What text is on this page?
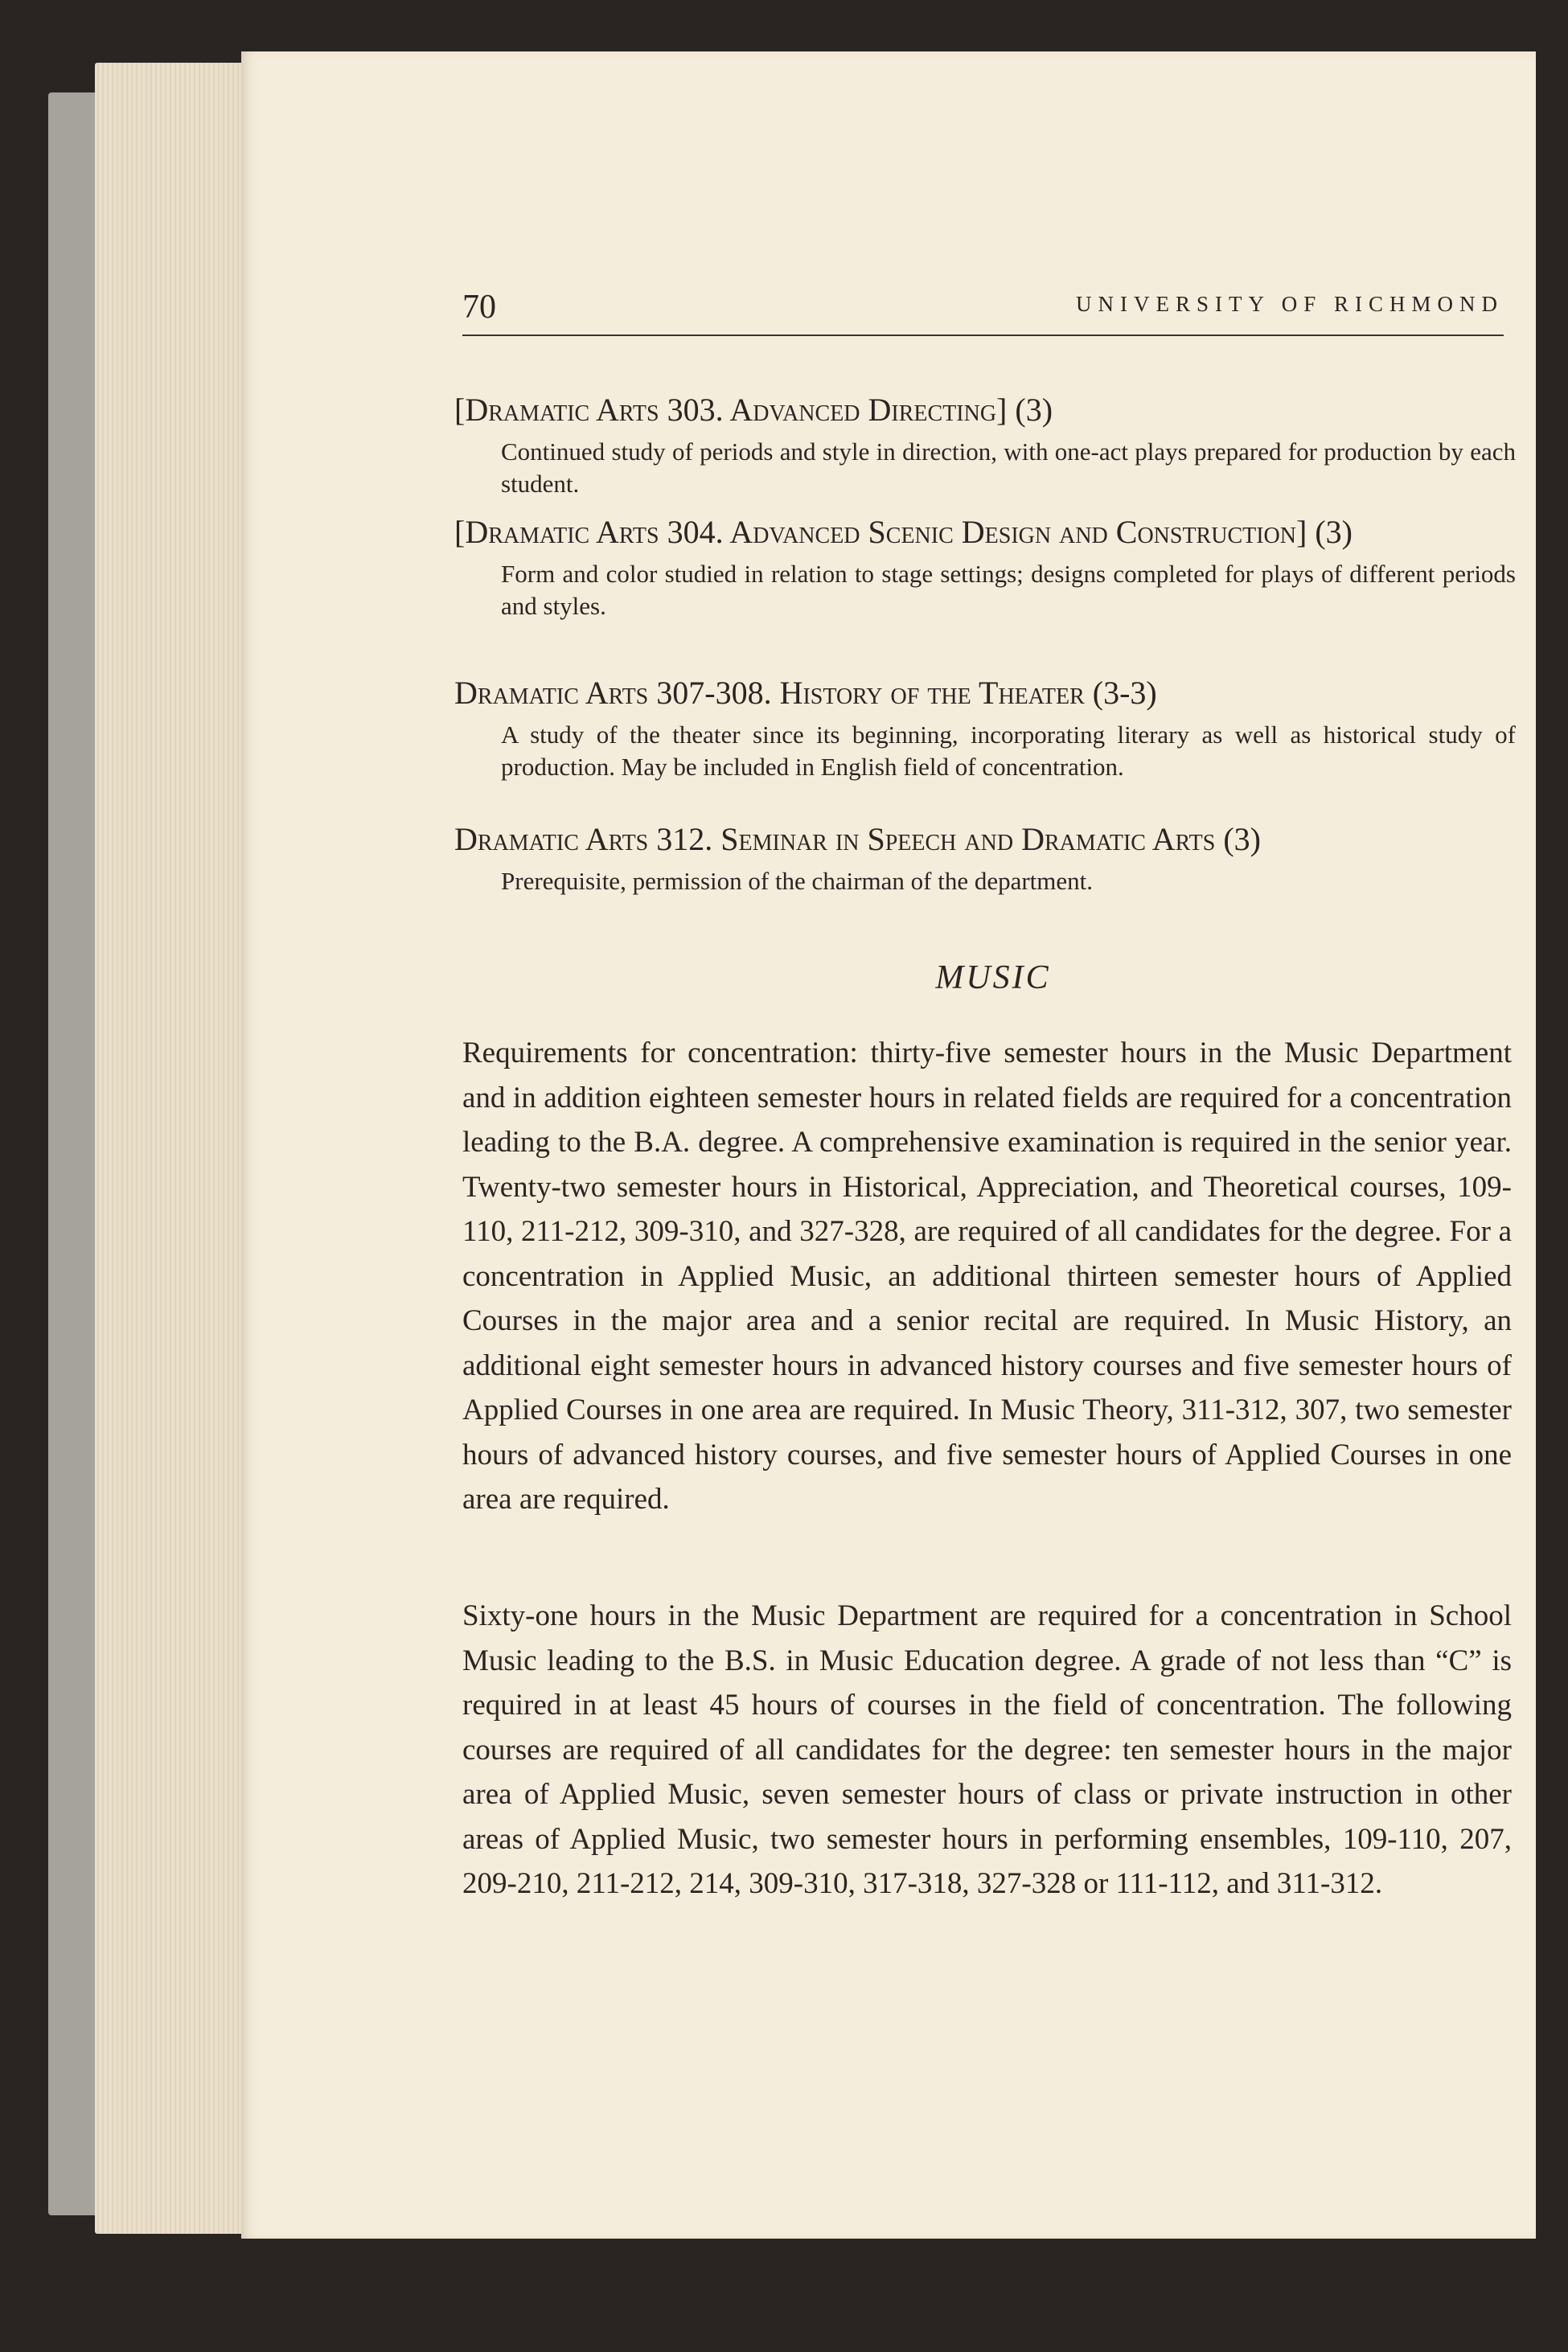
70	UNIVERSITY OF RICHMOND

[Dramatic Arts 303. Advanced Directing] (3)

Continued study of periods and style in direction, with one-act plays prepared for production by each student.

[Dramatic Arts 304. Advanced Scenic Design and Construction] (3)

Form and color studied in relation to stage settings; designs completed for plays of different periods and styles.

Dramatic Arts 307-308. History of the Theater (3-3)

A study of the theater since its beginning, incorporating literary as well as historical study of production. May be included in English field of concentration.

Dramatic Arts 312. Seminar in Speech and Dramatic Arts (3)

Prerequisite, permission of the chairman of the department.

MUSIC

Requirements for concentration: thirty-five semester hours in the Music Department and in addition eighteen semester hours in related fields are required for a concentration leading to the B.A. degree. A comprehensive examination is required in the senior year. Twenty-two semester hours in Historical, Appreciation, and Theoretical courses, 109-110, 211-212, 309-310, and 327-328, are required of all candidates for the degree. For a concentration in Applied Music, an additional thirteen semester hours of Applied Courses in the major area and a senior recital are required. In Music History, an additional eight semester hours in advanced history courses and five semester hours of Applied Courses in one area are required. In Music Theory, 311-312, 307, two semester hours of advanced history courses, and five semester hours of Applied Courses in one area are required.

Sixty-one hours in the Music Department are required for a concentration in School Music leading to the B.S. in Music Education degree. A grade of not less than “C” is required in at least 45 hours of courses in the field of concentration. The following courses are required of all candidates for the degree: ten semester hours in the major area of Applied Music, seven semester hours of class or private instruction in other areas of Applied Music, two semester hours in performing ensembles, 109-110, 207, 209-210, 211-212, 214, 309-310, 317-318, 327-328 or 111-112, and 311-312.
